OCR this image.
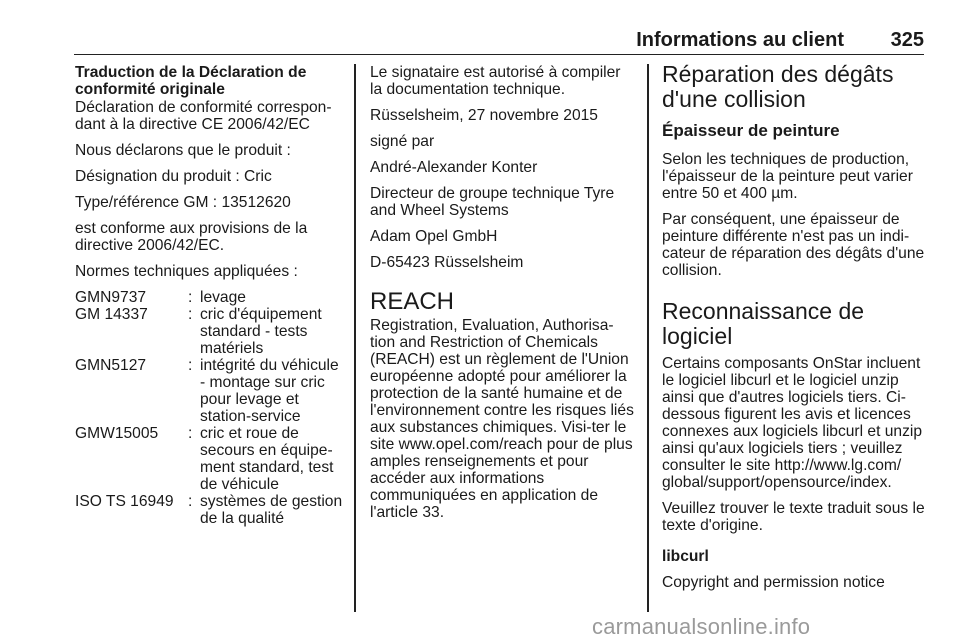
Informations au client 325

Traduction de la Déclaration de conformité originale

Déclaration de conformité correspon-dant à la directive CE 2006/42/EC

Nous déclarons que le produit :

Désignation du produit : Cric

Type/référence GM : 13512620

est conforme aux provisions de la directive 2006/42/EC.

Normes techniques appliquées :

GMN9737	:	levage
GM 14337	:	cric d'équipement standard - tests matériels
GMN5127	:	intégrité du véhicule - montage sur cric pour levage et station-service
GMW15005	:	cric et roue de secours en équipe-ment standard, test de véhicule
ISO TS 16949	:	systèmes de gestion de la qualité

Le signataire est autorisé à compiler la documentation technique.

Rüsselsheim, 27 novembre 2015

signé par

André-Alexander Konter

Directeur de groupe technique Tyre and Wheel Systems

Adam Opel GmbH

D-65423 Rüsselsheim

REACH

Registration, Evaluation, Authorisa-tion and Restriction of Chemicals (REACH) est un règlement de l'Union européenne adopté pour améliorer la protection de la santé humaine et de l'environnement contre les risques liés aux substances chimiques. Visi-ter le site www.opel.com/reach pour de plus amples renseignements et pour accéder aux informations communiquées en application de l'article 33.

Réparation des dégâts d'une collision

Épaisseur de peinture

Selon les techniques de production, l'épaisseur de la peinture peut varier entre 50 et 400 µm.

Par conséquent, une épaisseur de peinture différente n'est pas un indi-cateur de réparation des dégâts d'une collision.

Reconnaissance de logiciel

Certains composants OnStar incluent le logiciel libcurl et le logiciel unzip ainsi que d'autres logiciels tiers. Ci-dessous figurent les avis et licences connexes aux logiciels libcurl et unzip ainsi qu'aux logiciels tiers ; veuillez consulter le site http://www.lg.com/ global/support/opensource/index.

Veuillez trouver le texte traduit sous le texte d'origine.

libcurl

Copyright and permission notice

carmanualsonline.info
